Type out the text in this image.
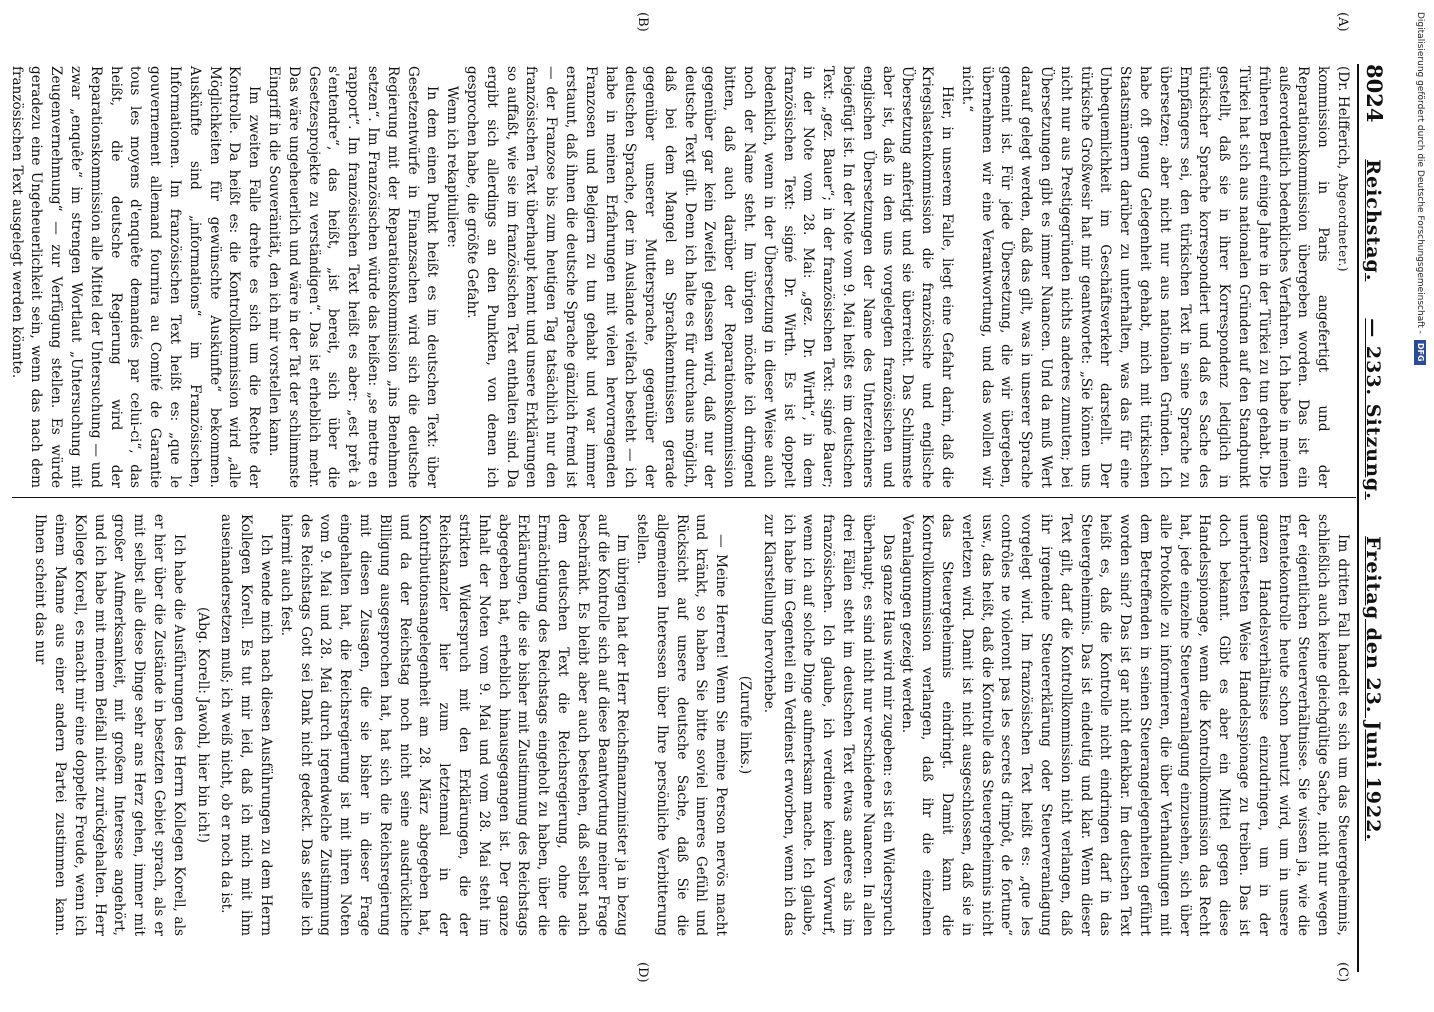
8024
Reichstag.
— 233. Sitzung.
Freitag den 23. Juni 1922.
(A)
(B)
(C)
(D)

(Dr. Helfferich, Abgeordneter.)

kommission in Paris angefertigt und der Reparationskommission übergeben worden. Das ist ein außerordentlich bedenkliches Verfahren. Ich habe in meinen früheren Beruf einige Jahre in der Türkei zu tun gehabt. Die Türkei hat sich aus nationalen Gründen auf den Standpunkt gestellt, daß sie in ihrer Korrespondenz lediglich in türkischer Sprache korrespondiert und daß es Sache des Empfängers sei, den türkischen Text in seine Sprache zu übersetzen; aber nicht nur aus nationalen Gründen. Ich habe oft genug Gelegenheit gehabt, mich mit türkischen Staatsmännern darüber zu unterhalten, was das für eine Unbequemlichkeit im Geschäftsverkehr darstellt. Der türkische Großwesir hat mir geantwortet: „Sie können uns nicht nur aus Prestigegründen nichts anderes zumuten; bei Übersetzungen gibt es immer Nuancen. Und da muß Wert darauf gelegt werden, daß das gilt, was in unserer Sprache gemeint ist. Für jede Übersetzung, die wir übergeben, übernehmen wir eine Verantwortung, und das wollen wir nicht.“

Hier, in unserem Falle, liegt eine Gefahr darin, daß die Kriegslastenkommission die französische und englische Übersetzung anfertigt und sie überreicht. Das Schlimmste aber ist, daß in den uns vorgelegten französischen und englischen Übersetzungen der Name des Unterzeichners beigefügt ist. In der Note vom 9. Mai heißt es im deutschen Text: „gez. Bauer“; in der französischen Text: signé Bauer; in der Note vom 28. Mai: „gez. Dr. Wirth“, in dem französischen Text: signé Dr. Wirth. Es ist doppelt bedenklich, wenn in der Übersetzung in dieser Weise auch noch der Name steht. Im übrigen möchte ich dringend bitten, daß auch darüber der Reparationskommission gegenüber gar kein Zweifel gelassen wird, daß nur der deutsche Text gilt. Denn ich halte es für durchaus möglich, daß bei dem Mangel an Sprachkenntnissen gerade gegenüber unserer Muttersprache, gegenüber der deutschen Sprache, der im Auslande vielfach besteht — ich habe in meinen Erfahrungen mit vielen hervorragenden Franzosen und Belgiern zu tun gehabt und war immer erstaunt, daß ihnen die deutsche Sprache gänzlich fremd ist — der Franzose bis zum heutigen Tag tatsächlich nur den französischen Text überhaupt kennt und unsere Erklärungen so auffaßt, wie sie im französischen Text enthalten sind. Da ergibt sich allerdings an den Punkten, von denen ich gesprochen habe, die größte Gefahr.

Wenn ich rekapituliere:

In dem einen Punkt heißt es im deutschen Text: über Gesetzentwürfe in Finanzsachen wird sich die deutsche Regierung mit der Reparationskommission „ins Benehmen setzen“. Im Französischen würde das heißen: „se mettre en rapport“. Im französischen Text heißt es aber: „est prêt à s'entendre“, das heißt, „ist bereit, sich über die Gesetzesprojekte zu verständigen“. Das ist erheblich mehr. Das wäre ungeheuerlich und wäre in der Tat der schlimmste Eingriff in die Souveränität, den ich mir vorstellen kann.

Im zweiten Falle drehte es sich um die Rechte der Kontrolle. Da heißt es: die Kontrollkommission wird „alle Möglichkeiten für gewünschte Auskünfte“ bekommen. Auskünfte sind „informations“ im Französischen, Informationen. Im französischen Text heißt es: „que le gouvernement allemand fournira au Comité de Garantie tous les moyens d'enquête demandés par celui-ci“, das heißt, die deutsche Regierung wird der Reparationskommission alle Mittel der Untersuchung — und zwar „enquête“ im strengen Wortlaut „Untersuchung mit Zeugenvernehmung“ — zur Verfügung stellen. Es würde geradezu eine Ungeheuerlichkeit sein, wenn das nach dem französischen Text ausgelegt werden könnte.

Im dritten Fall handelt es sich um das Steuergeheimnis, schließlich auch keine gleichgültige Sache, nicht nur wegen der eigentlichen Steuerverhältnisse. Sie wissen ja, wie die Ententekontrolle heute schon benutzt wird, um in unsere ganzen Handelsverhältnisse einzudringen, um in der unerhörtesten Weise Handelsspionage zu treiben. Das ist doch bekannt. Gibt es aber ein Mittel gegen diese Handelsspionage, wenn die Kontrollkommission das Recht hat, jede einzelne Steuerveranlagung einzusehen, sich über alle Protokolle zu informieren, die über Verhandlungen mit dem Betreffenden in seinen Steuerangelegenheiten geführt worden sind? Das ist gar nicht denkbar. Im deutschen Text heißt es, daß die Kontrolle nicht eindringen darf in das Steuergeheimnis. Das ist eindeutig und klar. Wenn dieser Text gilt, darf die Kontrollkommission nicht verlangen, daß ihr irgendeine Steuererklärung oder Steuerveranlagung vorgelegt wird. Im französischen Text heißt es: „que les contrôles ne violeront pas les secrets d'impôt, de fortune“ usw., das heißt, daß die Kontrolle das Steuergeheimnis nicht verletzen wird. Damit ist nicht ausgeschlossen, daß sie in das Steuergeheimnis eindringt. Damit kann die Kontrollkommission verlangen, daß ihr die einzelnen Veranlagungen gezeigt werden.

Das ganze Haus wird mir zugeben: es ist ein Widerspruch überhaupt; es sind nicht nur verschiedene Nuancen. In allen drei Fällen steht im deutschen Text etwas anderes als im französischen. Ich glaube, ich verdiene keinen Vorwurf, wenn ich auf solche Dinge aufmerksam mache. Ich glaube, ich habe im Gegenteil ein Verdienst erworben, wenn ich das zur Klarstellung hervorhebe.

(Zurufe links.)

— Meine Herren! Wenn Sie meine Person nervös macht und kränkt, so haben Sie bitte soviel inneres Gefühl und Rücksicht auf unsere deutsche Sache, daß Sie die allgemeinen Interessen über Ihre persönliche Verbitterung stellen.

Im übrigen hat der Herr Reichsfinanzminister ja in bezug auf die Kontrolle sich auf diese Beantwortung meiner Frage beschränkt. Es bleibt aber auch bestehen, daß selbst nach dem deutschen Text die Reichsregierung, ohne die Ermächtigung des Reichstags eingeholt zu haben, über die Erklärungen, die sie bisher mit Zustimmung des Reichstags abgegeben hat, erheblich hinausgegangen ist. Der ganze Inhalt der Noten vom 9. Mai und vom 28. Mai steht im strikten Widerspruch mit den Erklärungen, die der Reichskanzler hier zum letztenmal in der Kontributionsangelegenheit am 28. März abgegeben hat, und da der Reichstag noch nicht seine ausdrückliche Billigung ausgesprochen hat, hat sich die Reichsregierung mit diesen Zusagen, die sie bisher in dieser Frage eingehalten hat, die Reichsregierung ist mit ihren Noten vom 9. Mai und 28. Mai durch irgendwelche Zustimmung des Reichstags Gott sei Dank nicht gedeckt. Das stelle ich hiermit auch fest.

Ich wende mich nach diesen Ausführungen zu dem Herrn Kollegen Korell. Es tut mir leid, daß ich mich mit ihm auseinandersetzen muß; ich weiß nicht, ob er noch da ist.

(Abg. Korell: Jawohl, hier bin ich!)

Ich habe die Ausführungen des Herrn Kollegen Korell, als er hier über die Zustände in besetzten Gebiet sprach, als er mit selbst alle diese Dinge sehr ans Herz gehen, immer mit großer Aufmerksamkeit, mit großem Interesse angehört, und ich habe mit meinem Beifall nicht zurückgehalten. Herr Kollege Korell, es macht mir eine doppelte Freude, wenn ich einem Manne aus einer andern Partei zustimmen kann. Ihnen scheint das nur

Digitalisierung gefördert durch die Deutsche Forschungsgemeinschaft -
DFG
